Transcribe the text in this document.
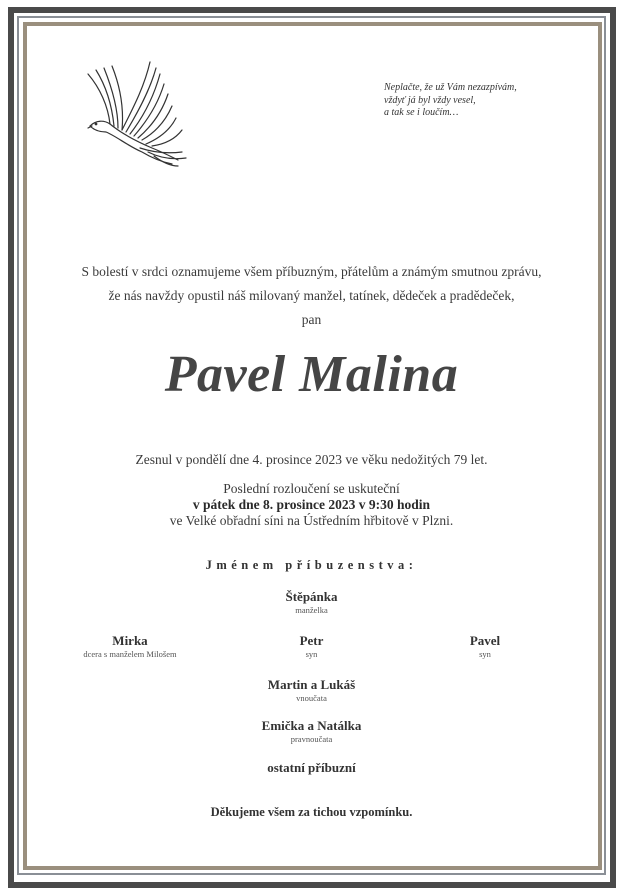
Neplačte, že už Vám nezazpívám,
vždyť já byl vždy vesel,
a tak se i loučím…
S bolestí v srdci oznamujeme všem příbuzným, přátelům a známým smutnou zprávu,
že nás navždy opustil náš milovaný manžel, tatínek, dědeček a pradědeček,
pan
Pavel Malina
Zesnul v pondělí dne 4. prosince 2023 ve věku nedožitých 79 let.
Poslední rozloučení se uskuteční
v pátek dne 8. prosince 2023 v 9:30 hodin
ve Velké obřadní síni na Ústředním hřbitově v Plzni.
Jménem příbuzenstva:
Štěpánka
manželka
Mirka
dcera s manželem Milošem
Petr
syn
Pavel
syn
Martin a Lukáš
vnoučata
Emička a Natálka
pravnoučata
ostatní příbuzní
Děkujeme všem za tichou vzpomínku.
